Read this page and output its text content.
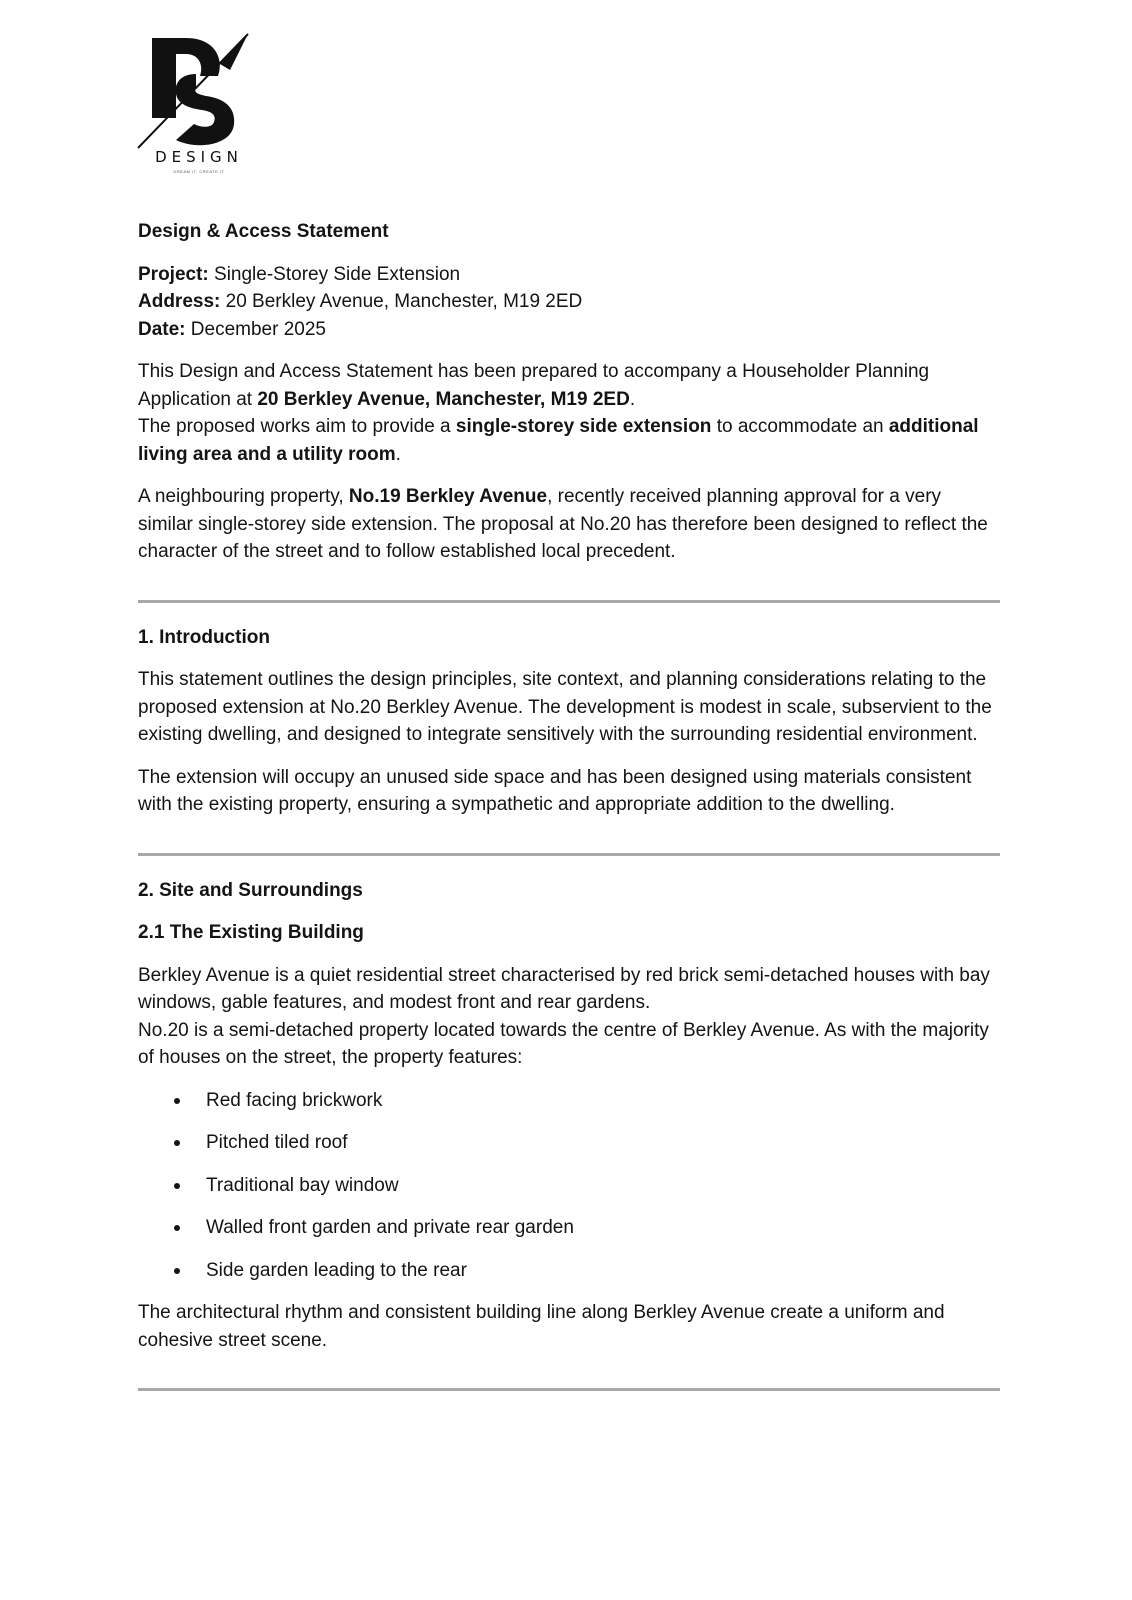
DESIGN
DREAM IT, CREATE IT

Design & Access Statement

Project: Single-Storey Side Extension

Address: 20 Berkley Avenue, Manchester, M19 2ED

Date: December 2025

This Design and Access Statement has been prepared to accompany a Householder Planning Application at 20 Berkley Avenue, Manchester, M19 2ED.

The proposed works aim to provide a single-storey side extension to accommodate an additional living area and a utility room.

A neighbouring property, No.19 Berkley Avenue, recently received planning approval for a very similar single-storey side extension. The proposal at No.20 has therefore been designed to reflect the character of the street and to follow established local precedent.

1. Introduction

This statement outlines the design principles, site context, and planning considerations relating to the proposed extension at No.20 Berkley Avenue. The development is modest in scale, subservient to the existing dwelling, and designed to integrate sensitively with the surrounding residential environment.

The extension will occupy an unused side space and has been designed using materials consistent with the existing property, ensuring a sympathetic and appropriate addition to the dwelling.

2. Site and Surroundings

2.1 The Existing Building

Berkley Avenue is a quiet residential street characterised by red brick semi-detached houses with bay windows, gable features, and modest front and rear gardens.

No.20 is a semi-detached property located towards the centre of Berkley Avenue. As with the majority of houses on the street, the property features:

Red facing brickwork
Pitched tiled roof
Traditional bay window
Walled front garden and private rear garden
Side garden leading to the rear

The architectural rhythm and consistent building line along Berkley Avenue create a uniform and cohesive street scene.
